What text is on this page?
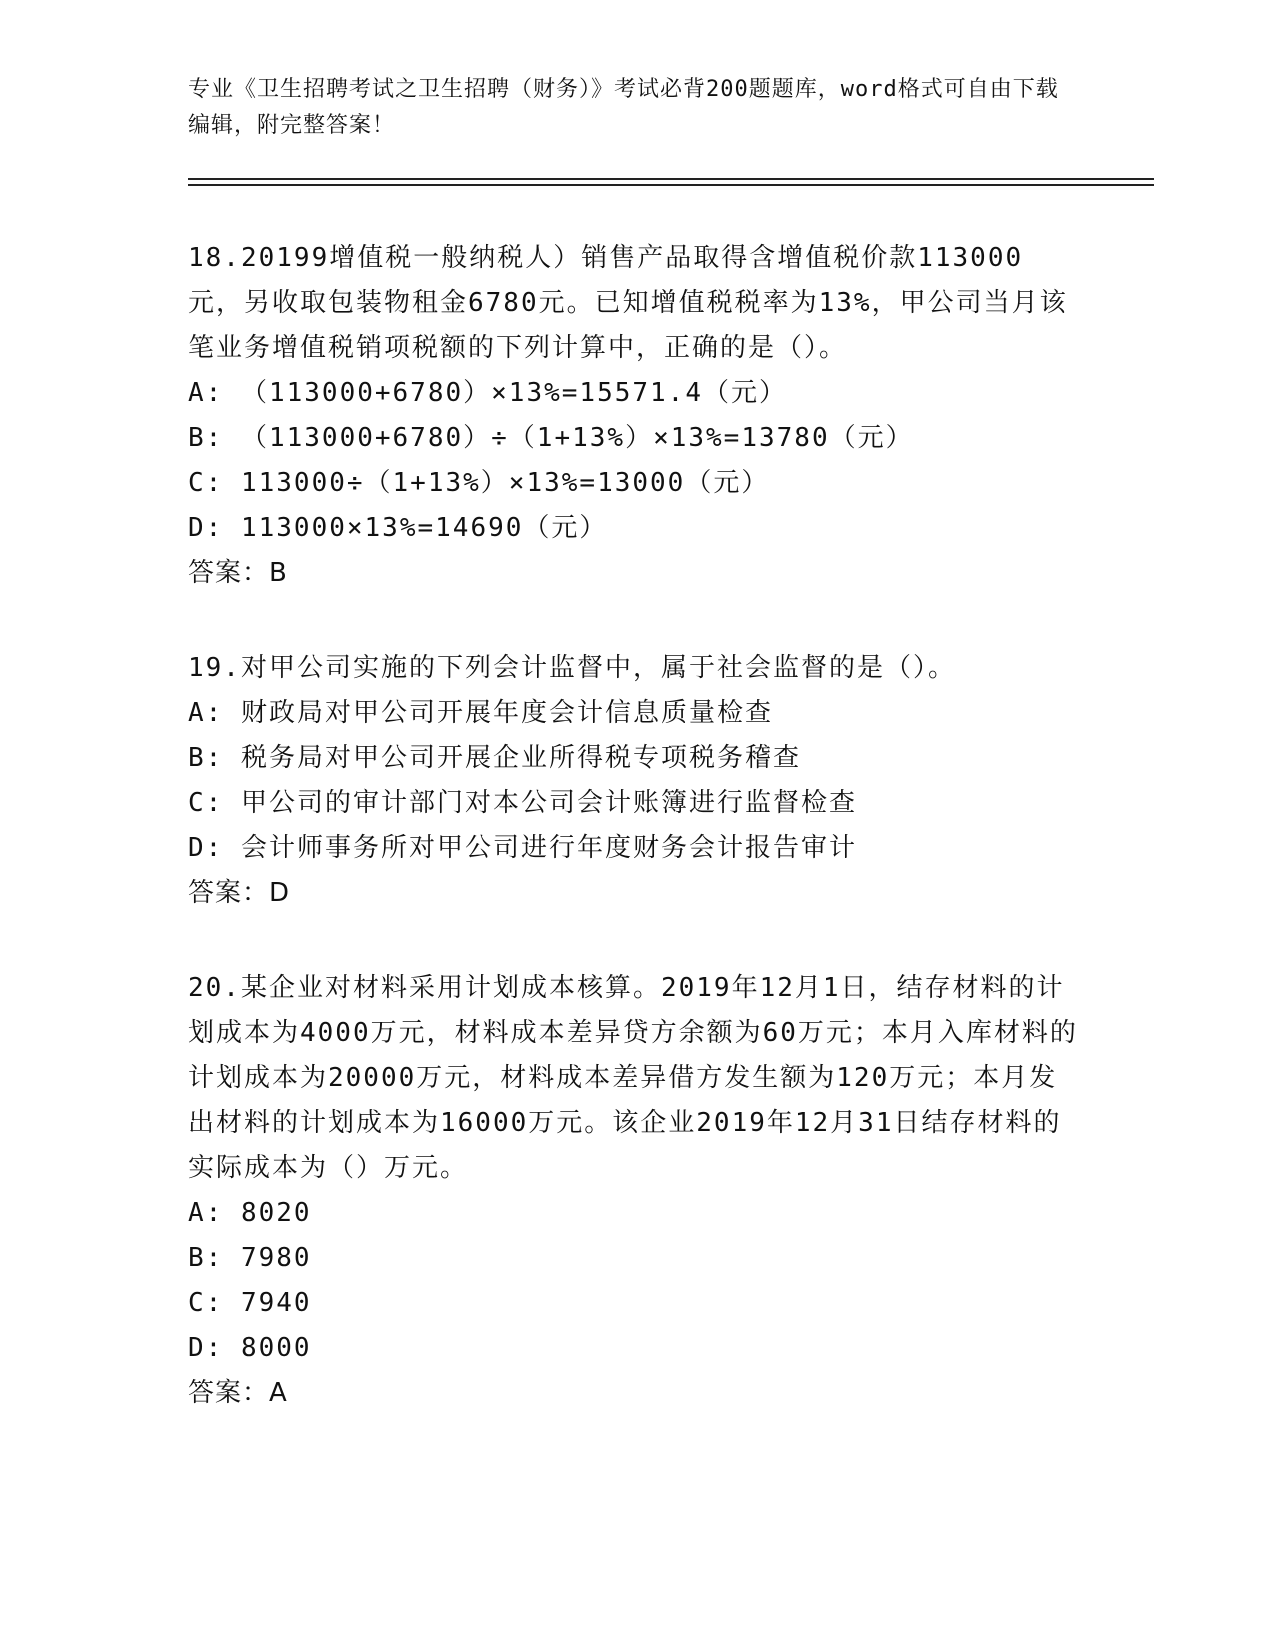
专业《卫生招聘考试之卫生招聘（财务）》考试必背200题题库，word格式可自由下载编辑，附完整答案！

18.20199增值税一般纳税人）销售产品取得含增值税价款113000元，另收取包装物租金6780元。已知增值税税率为13%，甲公司当月该笔业务增值税销项税额的下列计算中，正确的是（）。

A: （113000+6780）×13%=15571.4（元）

B: （113000+6780）÷（1+13%）×13%=13780（元）

C: 113000÷（1+13%）×13%=13000（元）

D: 113000×13%=14690（元）

答案：B

19.对甲公司实施的下列会计监督中，属于社会监督的是（）。

A: 财政局对甲公司开展年度会计信息质量检查

B: 税务局对甲公司开展企业所得税专项税务稽查

C: 甲公司的审计部门对本公司会计账簿进行监督检查

D: 会计师事务所对甲公司进行年度财务会计报告审计

答案：D

20.某企业对材料采用计划成本核算。2019年12月1日，结存材料的计划成本为4000万元，材料成本差异贷方余额为60万元；本月入库材料的计划成本为20000万元，材料成本差异借方发生额为120万元；本月发出材料的计划成本为16000万元。该企业2019年12月31日结存材料的实际成本为（）万元。

A: 8020

B: 7980

C: 7940

D: 8000

答案：A
